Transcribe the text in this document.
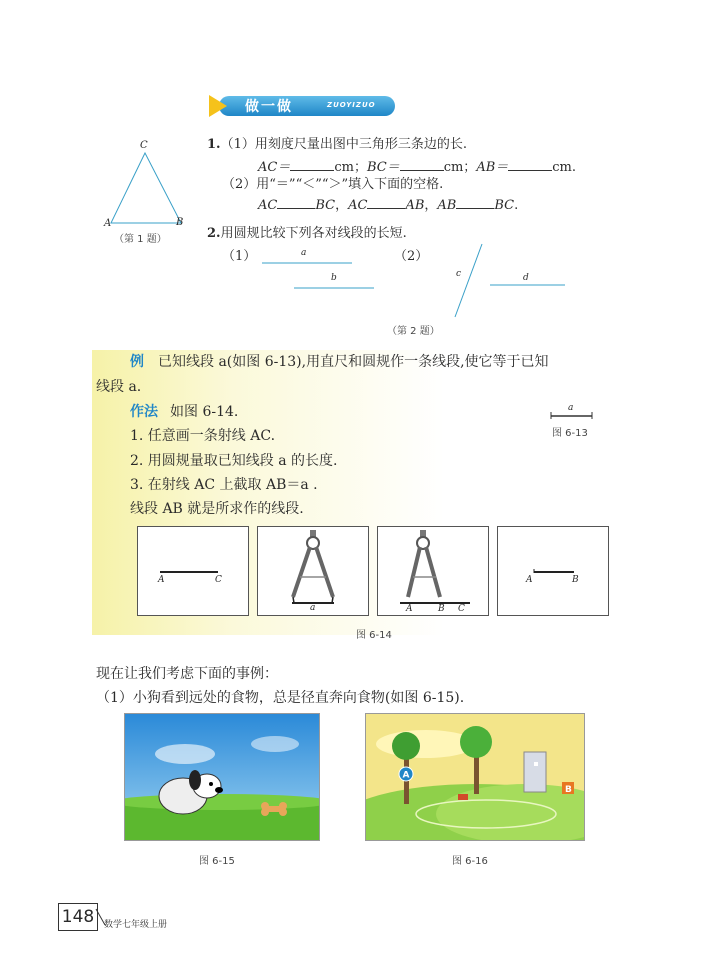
做一做	ZUOYIZUO
C
A	B
（第 1 题）
1.（1）用刻度尺量出图中三角形三条边的长.
AC＝	cm；BC＝	cm；AB＝	cm.
（2）用“＝”“＜”“＞”填入下面的空格.
AC	BC，AC	AB，AB	BC.
2.用圆规比较下列各对线段的长短.
（1）	（2）
a
b	c	d
（第 2 题）
例 已知线段 a(如图 6-13),用直尺和圆规作一条线段,使它等于已知
线段 a.
作法 如图 6-14.
1. 任意画一条射线 AC.
2. 用圆规量取已知线段 a 的长度.
3. 在射线 AC 上截取 AB＝a .
线段 AB 就是所求作的线段.
a
图 6-13
A	C
a	A	B C
A	B
图 6-14
现在让我们考虑下面的事例：
（1）小狗看到远处的食物，总是径直奔向食物(如图 6-15).
图 6-15
A
B
图 6-16
148	数学七年级上册
